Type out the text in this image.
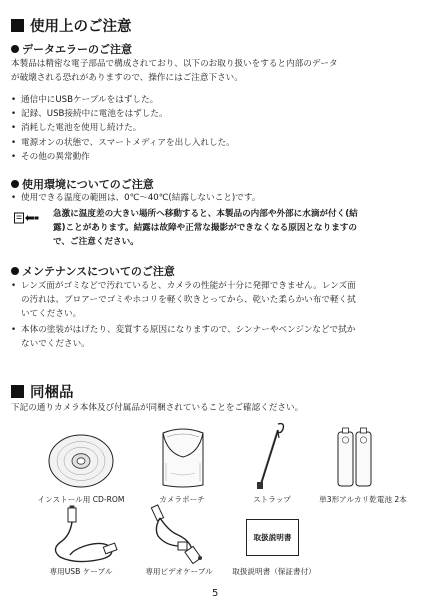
使用上のご注意
データエラーのご注意
本製品は精密な電子部品で構成されており、以下のお取り扱いをすると内部のデータ
が破壊される恐れがありますので、操作にはご注意下さい。
• 通信中にUSBケーブルをはずした。
• 記録、USB接続中に電池をはずした。
• 消耗した電池を使用し続けた。
• 電源オンの状態で、スマートメディアを出し入れした。
• その他の異常動作
使用環境についてのご注意
• 使用できる温度の範囲は、0℃〜40℃(結露しないこと)です。
急激に温度差の大きい場所へ移動すると、本製品の内部や外部に水滴が付く(結
露)ことがあります。結露は故障や正常な撮影ができなくなる原因となりますの
で、ご注意ください。
メンテナンスについてのご注意
• レンズ面がゴミなどで汚れていると、カメラの性能が十分に発揮できません。レンズ面
の汚れは、ブロアーでゴミやホコリを軽く吹きとってから、乾いた柔らかい布で軽く拭
いてください。
• 本体の塗装がはげたり、変質する原因になりますので、シンナーやベンジンなどで拭か
ないでください。
同梱品
下記の通りカメラ本体及び付属品が同梱されていることをご確認ください。
インストール用 CD-ROM	カメラポーチ	ストラップ	単3形アルカリ乾電池 2本
専用USB ケーブル	専用ビデオケーブル
取扱説明書
取扱説明書（保証書付）
5
